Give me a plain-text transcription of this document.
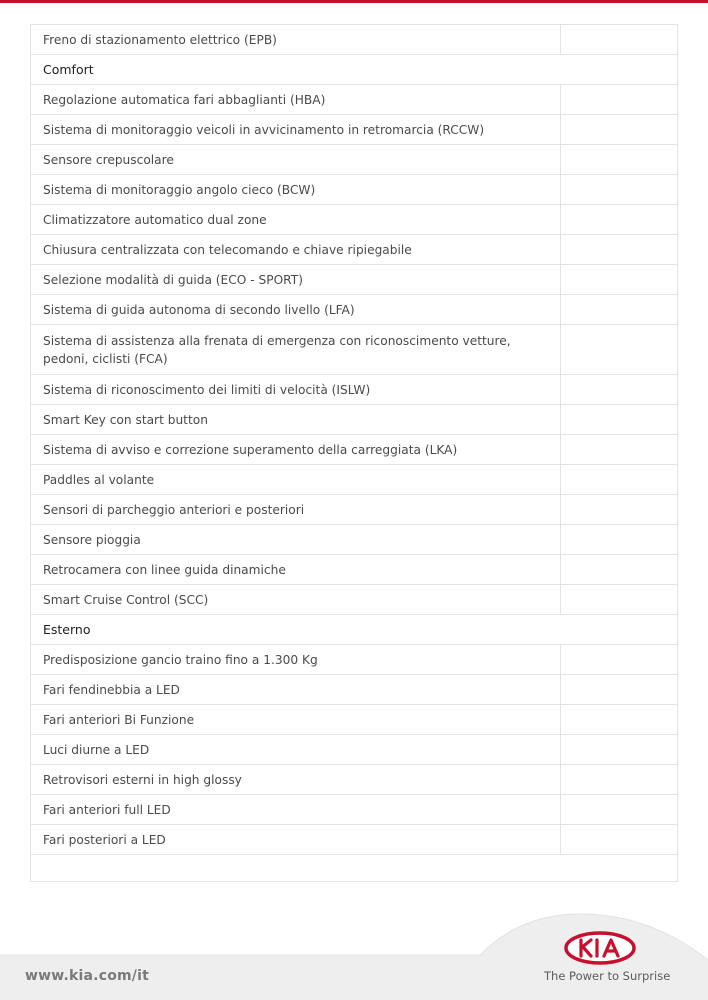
Freno di stazionamento elettrico (EPB)
Comfort
Regolazione automatica fari abbaglianti (HBA)
Sistema di monitoraggio veicoli in avvicinamento in retromarcia (RCCW)
Sensore crepuscolare
Sistema di monitoraggio angolo cieco (BCW)
Climatizzatore automatico dual zone
Chiusura centralizzata con telecomando e chiave ripiegabile
Selezione modalità di guida (ECO - SPORT)
Sistema di guida autonoma di secondo livello (LFA)
Sistema di assistenza alla frenata di emergenza con riconoscimento vetture, pedoni, ciclisti (FCA)
Sistema di riconoscimento dei limiti di velocità (ISLW)
Smart Key con start button
Sistema di avviso e correzione superamento della carreggiata (LKA)
Paddles al volante
Sensori di parcheggio anteriori e posteriori
Sensore pioggia
Retrocamera con linee guida dinamiche
Smart Cruise Control (SCC)
Esterno
Predisposizione gancio traino fino a 1.300 Kg
Fari fendinebbia a LED
Fari anteriori Bi Funzione
Luci diurne a LED
Retrovisori esterni in high glossy
Fari anteriori full LED
Fari posteriori a LED
www.kia.com/it	The Power to Surprise
